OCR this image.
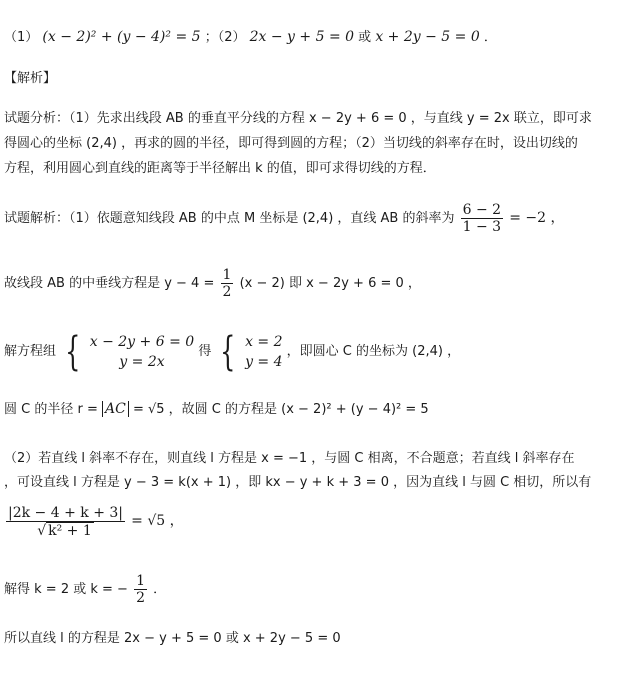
（1） (x − 2)² + (y − 4)² = 5 ；（2） 2x − y + 5 = 0 或 x + 2y − 5 = 0 ．
【解析】
试题分析：（1）先求出线段 AB 的垂直平分线的方程 x − 2y + 6 = 0 ，与直线 y = 2x 联立，即可求
得圆心的坐标 (2,4) ，再求的圆的半径，即可得到圆的方程；（2）当切线的斜率存在时，设出切线的
方程，利用圆心到直线的距离等于半径解出 k 的值，即可求得切线的方程．
试题解析：（1）依题意知线段 AB 的中点 M 坐标是 (2,4) ，直线 AB 的斜率为 $\frac{6 - 2}{1 - 3} = -2$ ，
故线段 AB 的中垂线方程是 $y - 4 = \frac{1}{2} (x - 2)$ 即 x − 2y + 6 = 0 ，
解方程组 { x − 2y + 6 = 0
y = 2x
得 { x = 2
y = 4
，即圆心 C 的坐标为 (2,4) ，
圆 C 的半径 r = AC = √5 ，故圆 C 的方程是 (x − 2)² + (y − 4)² = 5
（2）若直线 l 斜率不存在，则直线 l 方程是 x = −1 ，与圆 C 相离，不合题意；若直线 l 斜率存在
，可设直线 l 方程是 y − 3 = k(x + 1) ，即 kx − y + k + 3 = 0 ，因为直线 l 与圆 C 相切，所以有
$\frac{|2k - 4 + k + 3|}{\text{√ k² + 1}} = √5$ ，
解得 k = 2 或 k = − $\frac{1}{2}$ ．
所以直线 l 的方程是 2x − y + 5 = 0 或 x + 2y − 5 = 0
